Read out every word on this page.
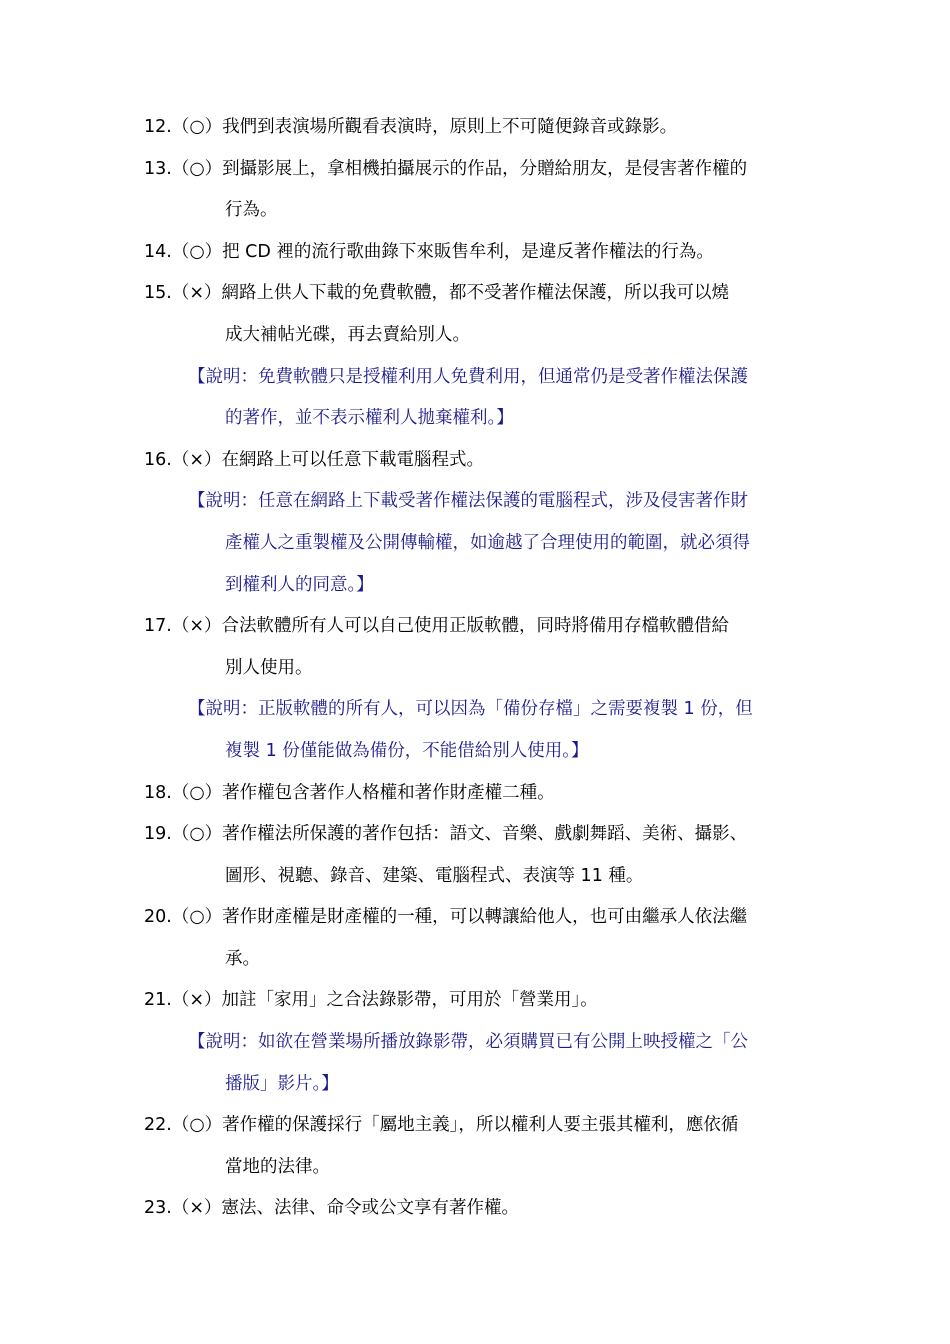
12.（○）我們到表演場所觀看表演時，原則上不可隨便錄音或錄影。
13.（○）到攝影展上，拿相機拍攝展示的作品，分贈給朋友，是侵害著作權的
行為。
14.（○）把 CD 裡的流行歌曲錄下來販售牟利，是違反著作權法的行為。
15.（×）網路上供人下載的免費軟體，都不受著作權法保護，所以我可以燒
成大補帖光碟，再去賣給別人。
【說明：免費軟體只是授權利用人免費利用，但通常仍是受著作權法保護
的著作，並不表示權利人拋棄權利。】
16.（×）在網路上可以任意下載電腦程式。
【說明：任意在網路上下載受著作權法保護的電腦程式，涉及侵害著作財
產權人之重製權及公開傳輸權，如逾越了合理使用的範圍，就必須得
到權利人的同意。】
17.（×）合法軟體所有人可以自己使用正版軟體，同時將備用存檔軟體借給
別人使用。
【說明：正版軟體的所有人，可以因為「備份存檔」之需要複製 1 份，但
複製 1 份僅能做為備份，不能借給別人使用。】
18.（○）著作權包含著作人格權和著作財產權二種。
19.（○）著作權法所保護的著作包括：語文、音樂、戲劇舞蹈、美術、攝影、
圖形、視聽、錄音、建築、電腦程式、表演等 11 種。
20.（○）著作財產權是財產權的一種，可以轉讓給他人，也可由繼承人依法繼
承。
21.（×）加註「家用」之合法錄影帶，可用於「營業用」。
【說明：如欲在營業場所播放錄影帶，必須購買已有公開上映授權之「公
播版」影片。】
22.（○）著作權的保護採行「屬地主義」，所以權利人要主張其權利，應依循
當地的法律。
23.（×）憲法、法律、命令或公文享有著作權。
